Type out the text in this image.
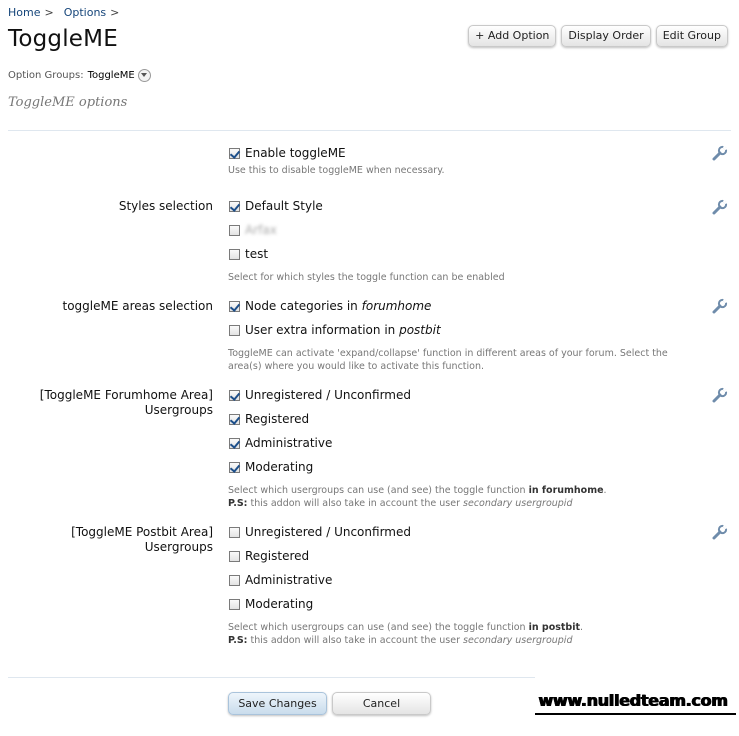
Home > Options >
ToggleME	+ Add Option	Display Order	Edit Group
Option Groups: ToggleME
ToggleME options
Enable toggleME
Use this to disable toggleME when necessary.
Styles selection	Default Style
Arfax
test
Select for which styles the toggle function can be enabled
toggleME areas selection	Node categories in
forumhome
User extra information in
postbit
ToggleME can activate 'expand/collapse' function in different areas of your forum. Select the
area(s) where you would like to activate this function.
[ToggleME Forumhome Area]
Usergroups
Unregistered / Unconfirmed
Registered
Administrative
Moderating
Select which usergroups can use (and see) the toggle function in forumhome.
P.S: this addon will also take in account the user secondary usergroupid
[ToggleME Postbit Area]
Usergroups
Unregistered / Unconfirmed
Registered
Administrative
Moderating
Select which usergroups can use (and see) the toggle function in postbit.
P.S: this addon will also take in account the user secondary usergroupid
Save Changes	Cancel	www.nulledteam.com
